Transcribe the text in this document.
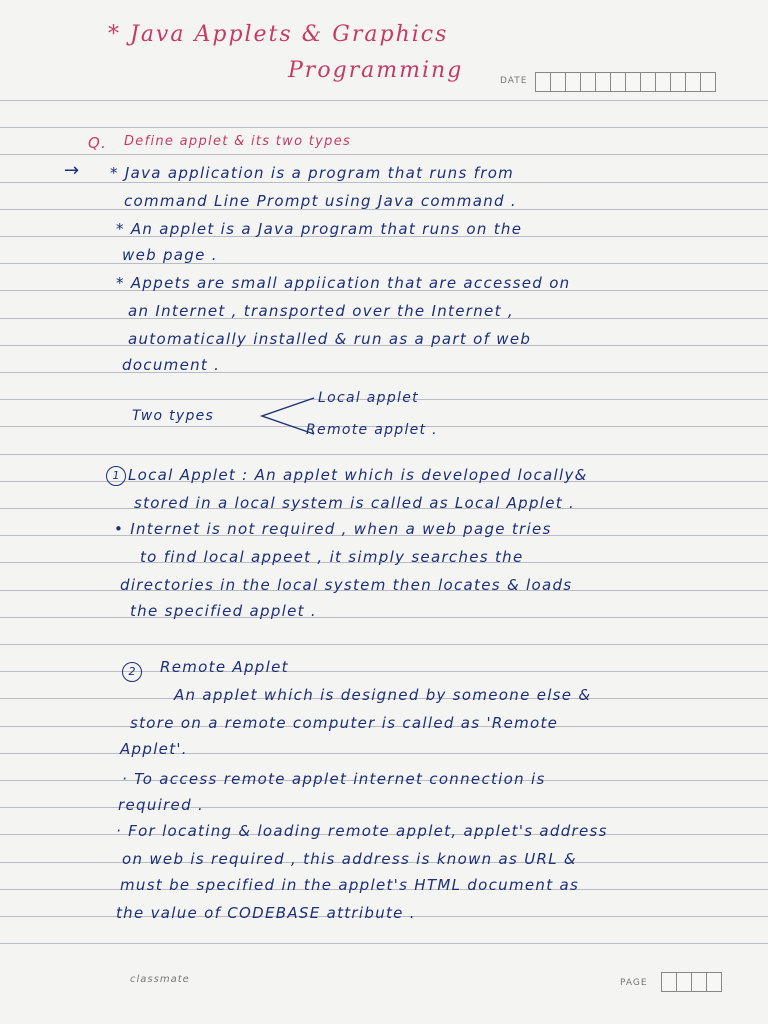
* Java Applets & Graphics
Programming	DATE
Q. Define applet & its two types
→ * Java application is a program that runs from
command Line Prompt using Java command .
* An applet is a Java program that runs on the
web page .
* Appets are small appiication that are accessed on
an Internet , transported over the Internet ,
automatically installed & run as a part of web
document .
Two types
Local applet
Remote applet .
1 Local Applet : An applet which is developed locally&
stored in a local system is called as Local Applet .
• Internet is not required , when a web page tries
to find local appeet , it simply searches the
directories in the local system then locates & loads
the specified applet .
2	Remote Applet
An applet which is designed by someone else &
store on a remote computer is called as 'Remote
Applet'.
· To access remote applet internet connection is
required .
· For locating & loading remote applet, applet's address
on web is required , this address is known as URL &
must be specified in the applet's HTML document as
the value of CODEBASE attribute .
classmate	PAGE
